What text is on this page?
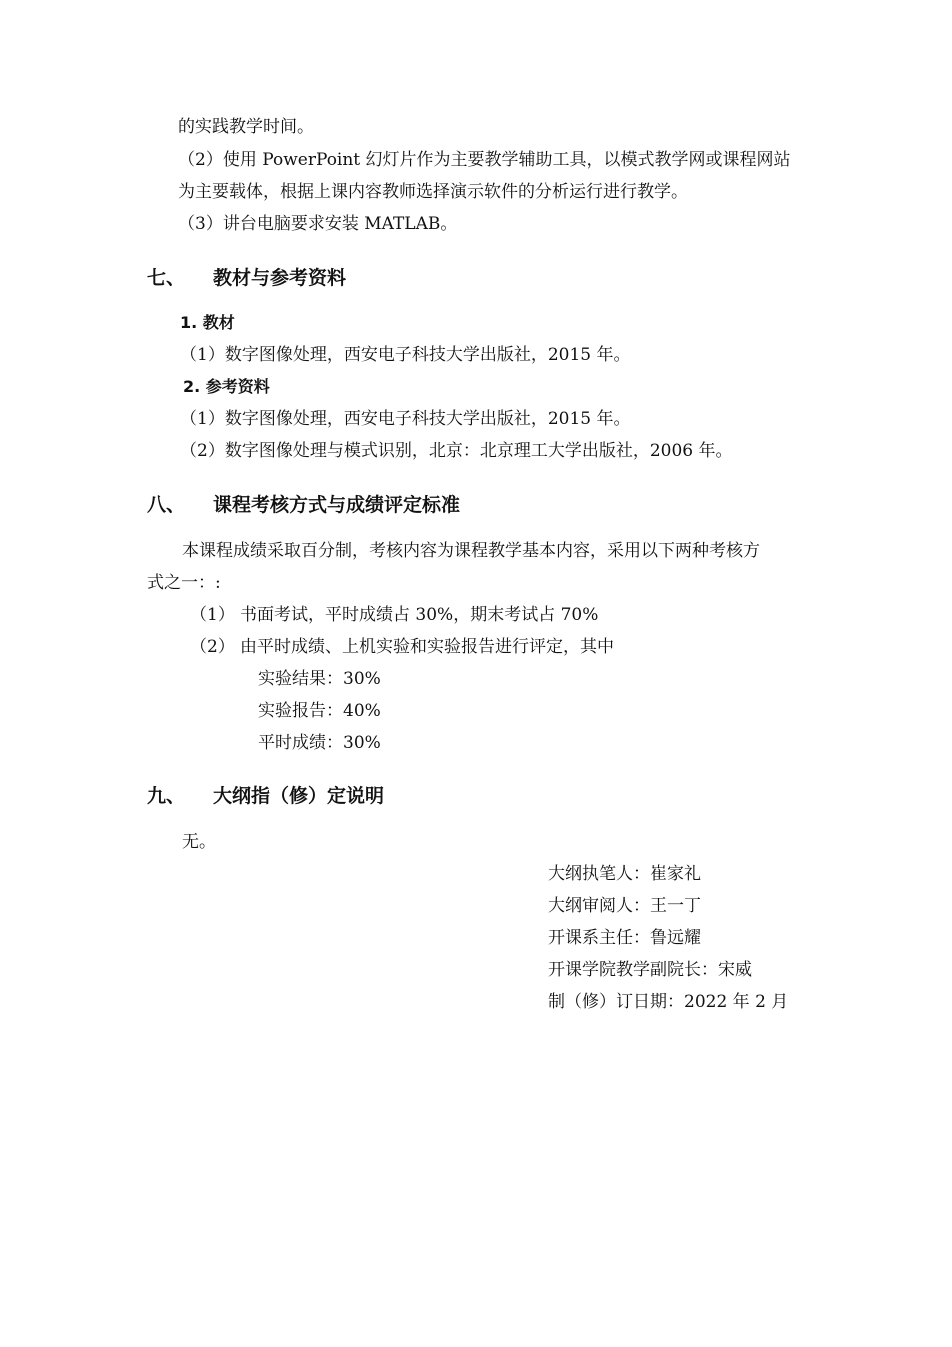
的实践教学时间。
（2）使用 PowerPoint 幻灯片作为主要教学辅助工具，以模式教学网或课程网站
为主要载体，根据上课内容教师选择演示软件的分析运行进行教学。
（3）讲台电脑要求安装 MATLAB。
七、 教材与参考资料
1. 教材
（1）数字图像处理，西安电子科技大学出版社，2015 年。
2. 参考资料
（1）数字图像处理，西安电子科技大学出版社，2015 年。
（2）数字图像处理与模式识别，北京：北京理工大学出版社，2006 年。
八、 课程考核方式与成绩评定标准
本课程成绩采取百分制，考核内容为课程教学基本内容，采用以下两种考核方
式之一：:
（1） 书面考试，平时成绩占 30%，期末考试占 70%
（2） 由平时成绩、上机实验和实验报告进行评定，其中
实验结果：30%
实验报告：40%
平时成绩：30%
九、 大纲指（修）定说明
无。
大纲执笔人：崔家礼
大纲审阅人：王一丁
开课系主任：鲁远耀
开课学院教学副院长：宋威
制（修）订日期：2022 年 2 月
